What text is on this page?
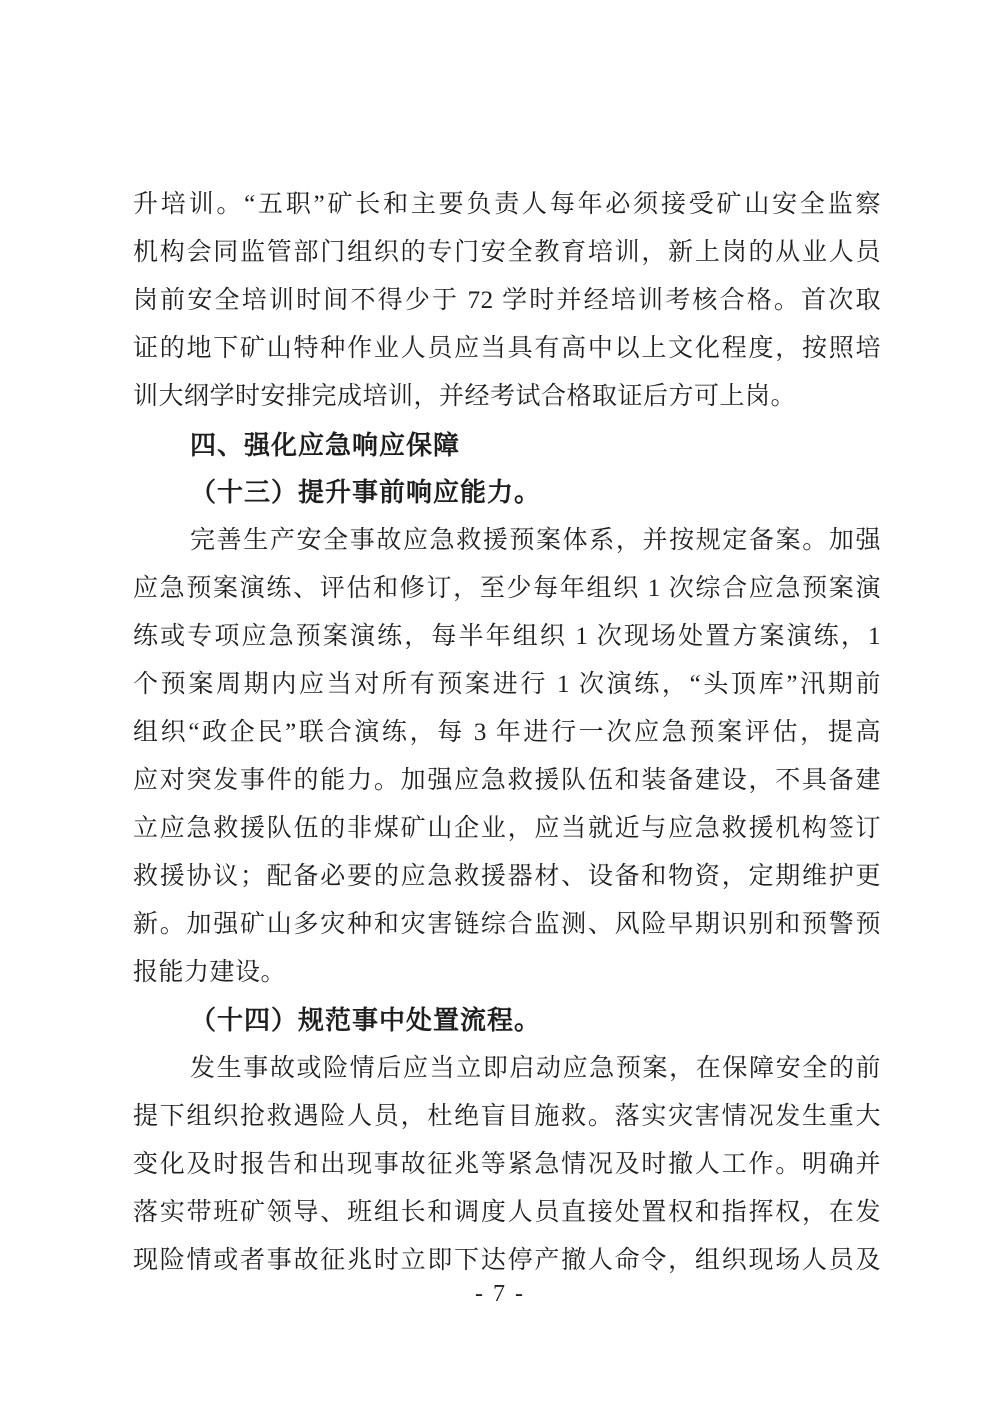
升培训。“五职”矿长和主要负责人每年必须接受矿山安全监察
机构会同监管部门组织的专门安全教育培训，新上岗的从业人员
岗前安全培训时间不得少于 72 学时并经培训考核合格。首次取
证的地下矿山特种作业人员应当具有高中以上文化程度，按照培
训大纲学时安排完成培训，并经考试合格取证后方可上岗。
四、强化应急响应保障
（十三）提升事前响应能力。
完善生产安全事故应急救援预案体系，并按规定备案。加强
应急预案演练、评估和修订，至少每年组织 1 次综合应急预案演
练或专项应急预案演练，每半年组织 1 次现场处置方案演练，1
个预案周期内应当对所有预案进行 1 次演练，“头顶库”汛期前
组织“政企民”联合演练，每 3 年进行一次应急预案评估，提高
应对突发事件的能力。加强应急救援队伍和装备建设，不具备建
立应急救援队伍的非煤矿山企业，应当就近与应急救援机构签订
救援协议；配备必要的应急救援器材、设备和物资，定期维护更
新。加强矿山多灾种和灾害链综合监测、风险早期识别和预警预
报能力建设。
（十四）规范事中处置流程。
发生事故或险情后应当立即启动应急预案，在保障安全的前
提下组织抢救遇险人员，杜绝盲目施救。落实灾害情况发生重大
变化及时报告和出现事故征兆等紧急情况及时撤人工作。明确并
落实带班矿领导、班组长和调度人员直接处置权和指挥权，在发
现险情或者事故征兆时立即下达停产撤人命令，组织现场人员及
- 7 -
